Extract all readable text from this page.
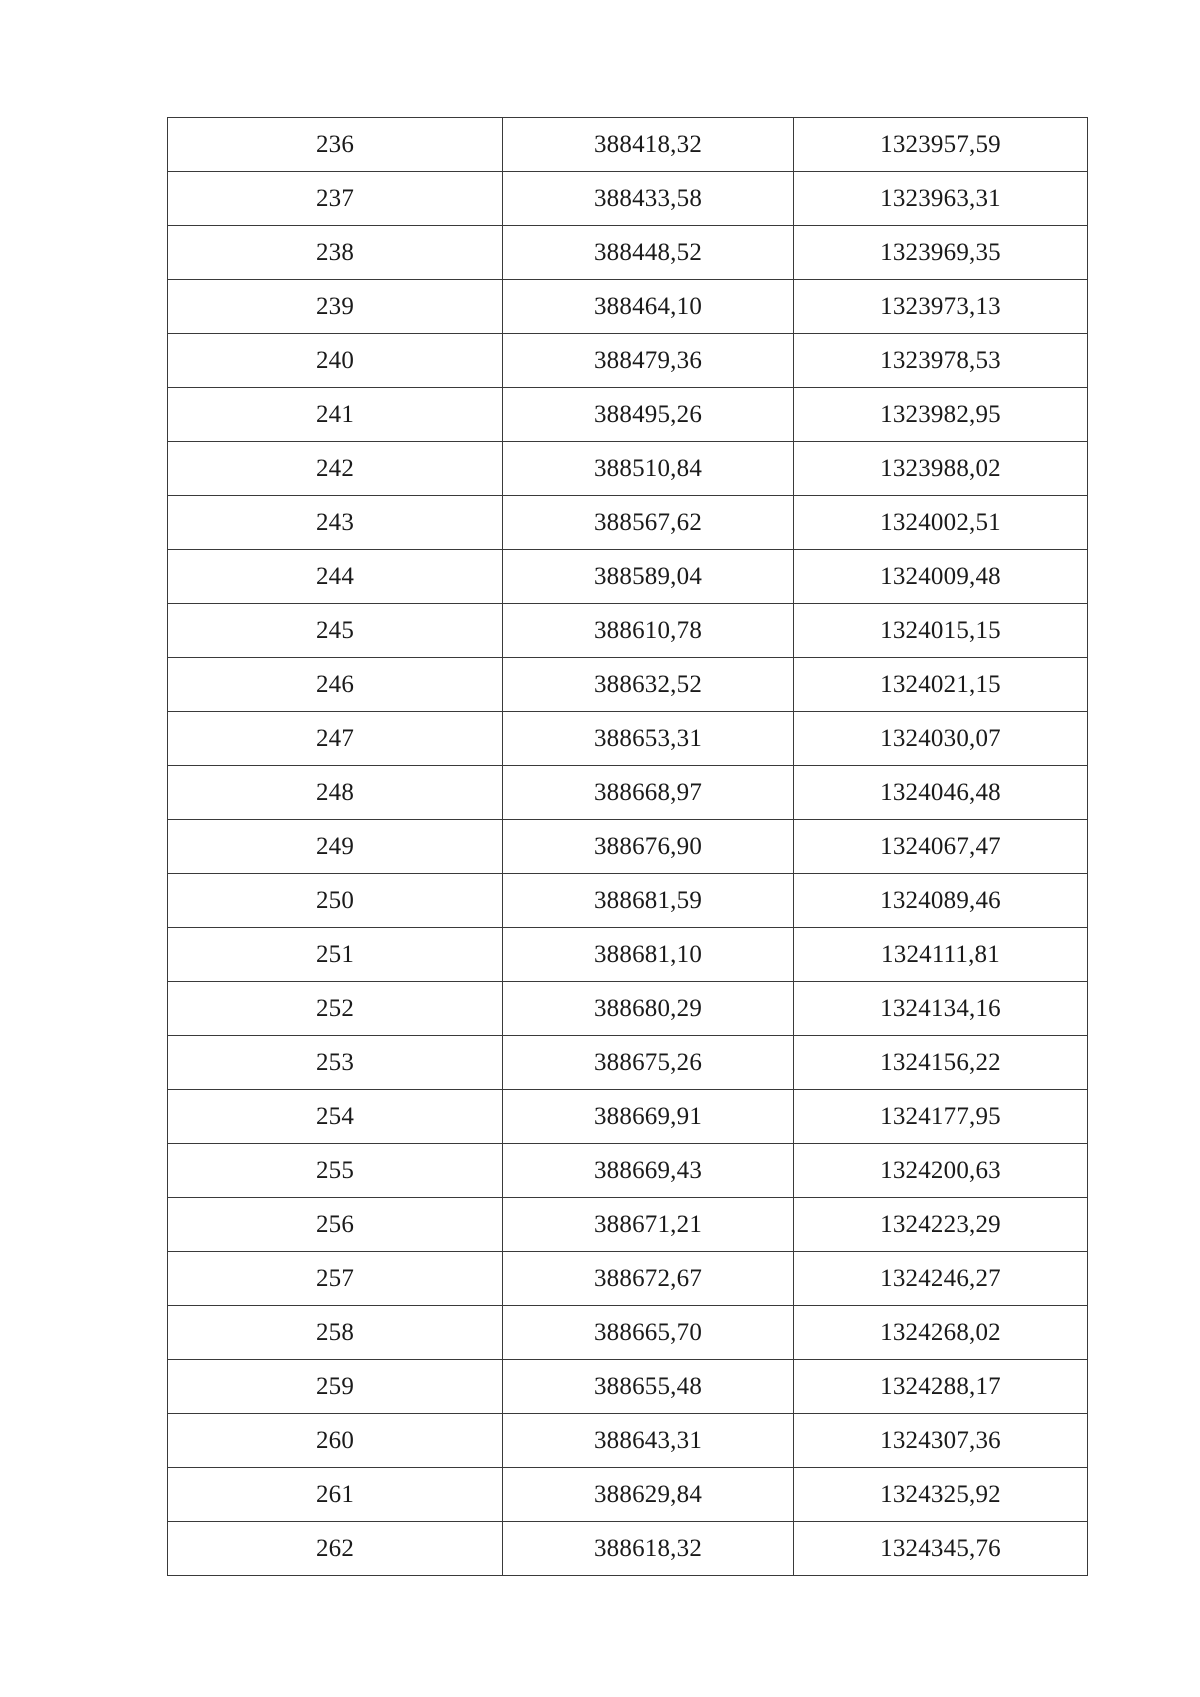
236	388418,32	1323957,59
237	388433,58	1323963,31
238	388448,52	1323969,35
239	388464,10	1323973,13
240	388479,36	1323978,53
241	388495,26	1323982,95
242	388510,84	1323988,02
243	388567,62	1324002,51
244	388589,04	1324009,48
245	388610,78	1324015,15
246	388632,52	1324021,15
247	388653,31	1324030,07
248	388668,97	1324046,48
249	388676,90	1324067,47
250	388681,59	1324089,46
251	388681,10	1324111,81
252	388680,29	1324134,16
253	388675,26	1324156,22
254	388669,91	1324177,95
255	388669,43	1324200,63
256	388671,21	1324223,29
257	388672,67	1324246,27
258	388665,70	1324268,02
259	388655,48	1324288,17
260	388643,31	1324307,36
261	388629,84	1324325,92
262	388618,32	1324345,76
